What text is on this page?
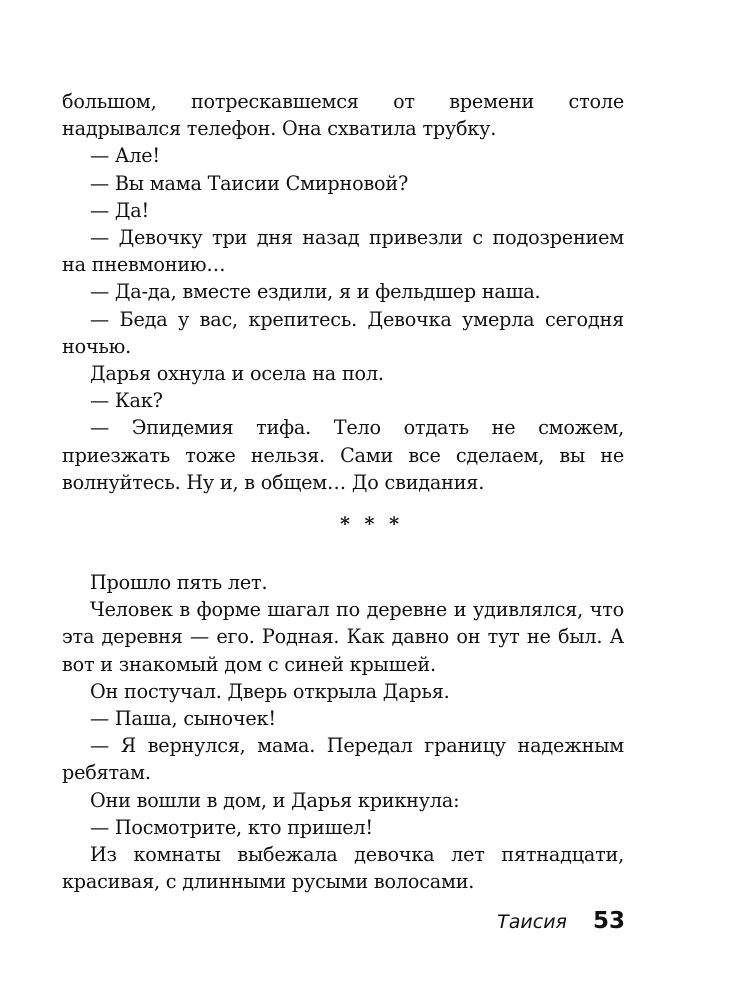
большом, потрескавшемся от времени столе надрывался телефон. Она схватила трубку.

— Але!

— Вы мама Таисии Смирновой?

— Да!

— Девочку три дня назад привезли с подозрением на пневмонию…

— Да-да, вместе ездили, я и фельдшер наша.

— Беда у вас, крепитесь. Девочка умерла сегодня ночью.

Дарья охнула и осела на пол.

— Как?

— Эпидемия тифа. Тело отдать не сможем, приезжать тоже нельзя. Сами все сделаем, вы не волнуйтесь. Ну и, в общем… До свидания.

* * *

Прошло пять лет.

Человек в форме шагал по деревне и удивлялся, что эта деревня — его. Родная. Как давно он тут не был. А вот и знакомый дом с синей крышей.

Он постучал. Дверь открыла Дарья.

— Паша, сыночек!

— Я вернулся, мама. Передал границу надежным ребятам.

Они вошли в дом, и Дарья крикнула:

— Посмотрите, кто пришел!

Из комнаты выбежала девочка лет пятнадцати, красивая, с длинными русыми волосами.

Таисия 53
